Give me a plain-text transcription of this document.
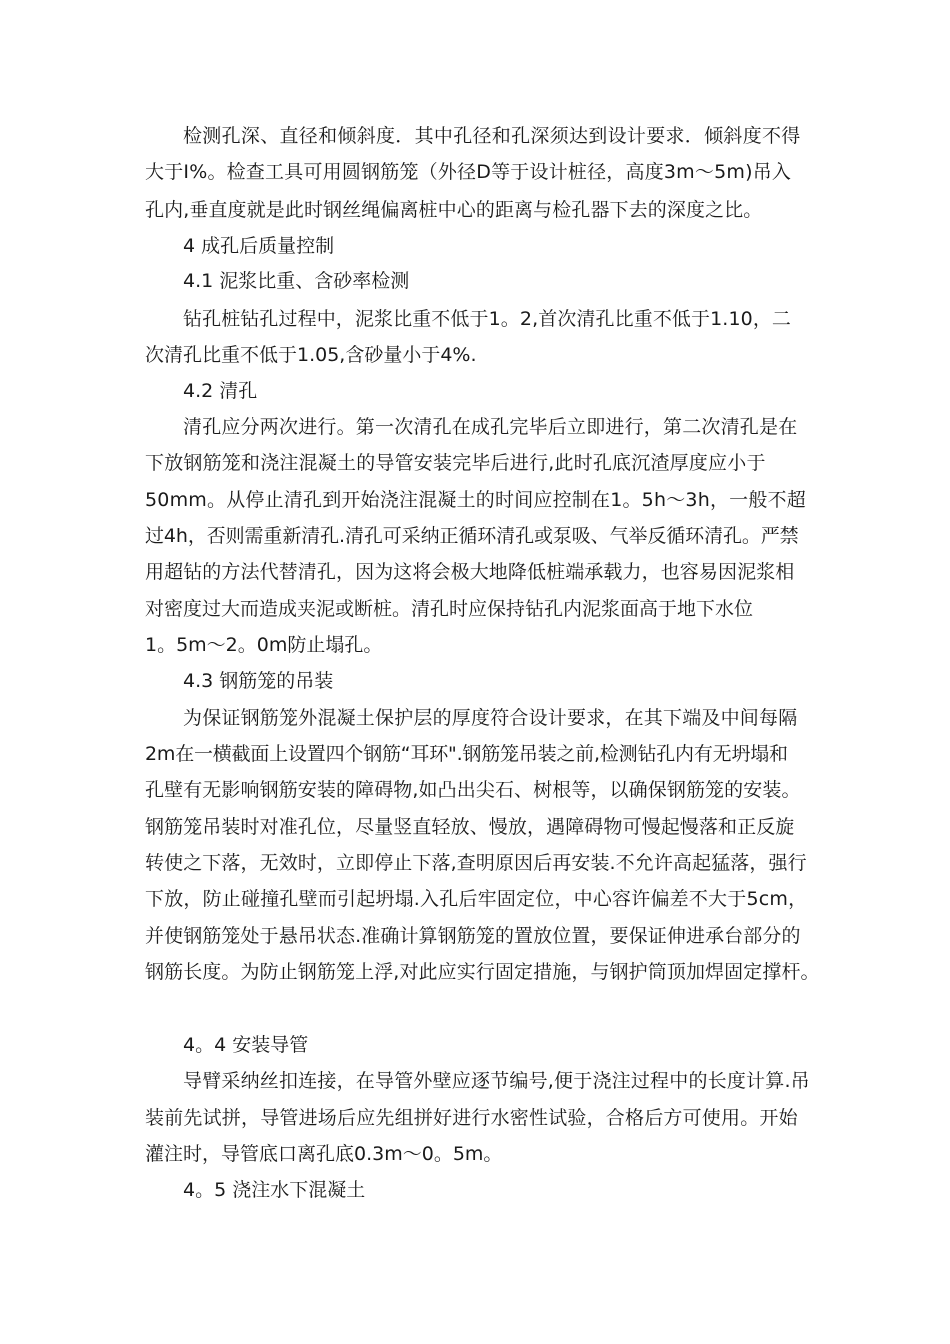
检测孔深、直径和倾斜度．其中孔径和孔深须达到设计要求．倾斜度不得

大于I%。检查工具可用圆钢筋笼（外径D等于设计桩径，高度3m～5m)吊入

孔内,垂直度就是此时钢丝绳偏离桩中心的距离与检孔器下去的深度之比。

4 成孔后质量控制

4.1 泥浆比重、含砂率检测

钻孔桩钻孔过程中，泥浆比重不低于1。2,首次清孔比重不低于1.10，二

次清孔比重不低于1.05,含砂量小于4%.

4.2 清孔

清孔应分两次进行。第一次清孔在成孔完毕后立即进行，第二次清孔是在

下放钢筋笼和浇注混凝土的导管安装完毕后进行,此时孔底沉渣厚度应小于

50mm。从停止清孔到开始浇注混凝土的时间应控制在1。5h～3h，一般不超

过4h，否则需重新清孔.清孔可采纳正循环清孔或泵吸、气举反循环清孔。严禁

用超钻的方法代替清孔，因为这将会极大地降低桩端承载力，也容易因泥浆相

对密度过大而造成夹泥或断桩。清孔时应保持钻孔内泥浆面高于地下水位

1。5m～2。0m防止塌孔。

4.3 钢筋笼的吊装

为保证钢筋笼外混凝土保护层的厚度符合设计要求，在其下端及中间每隔

2m在一横截面上设置四个钢筋“耳环".钢筋笼吊装之前,检测钻孔内有无坍塌和

孔壁有无影响钢筋安装的障碍物,如凸出尖石、树根等，以确保钢筋笼的安装。

钢筋笼吊装时对准孔位，尽量竖直轻放、慢放，遇障碍物可慢起慢落和正反旋

转使之下落，无效时，立即停止下落,查明原因后再安装.不允许高起猛落，强行

下放，防止碰撞孔壁而引起坍塌.入孔后牢固定位，中心容许偏差不大于5cm，

并使钢筋笼处于悬吊状态.准确计算钢筋笼的置放位置，要保证伸进承台部分的

钢筋长度。为防止钢筋笼上浮,对此应实行固定措施，与钢护筒顶加焊固定撑杆。

4。4 安装导管

导臂采纳丝扣连接，在导管外壁应逐节编号,便于浇注过程中的长度计算.吊

装前先试拼，导管进场后应先组拼好进行水密性试验，合格后方可使用。开始

灌注时，导管底口离孔底0.3m～0。5m。

4。5 浇注水下混凝土
